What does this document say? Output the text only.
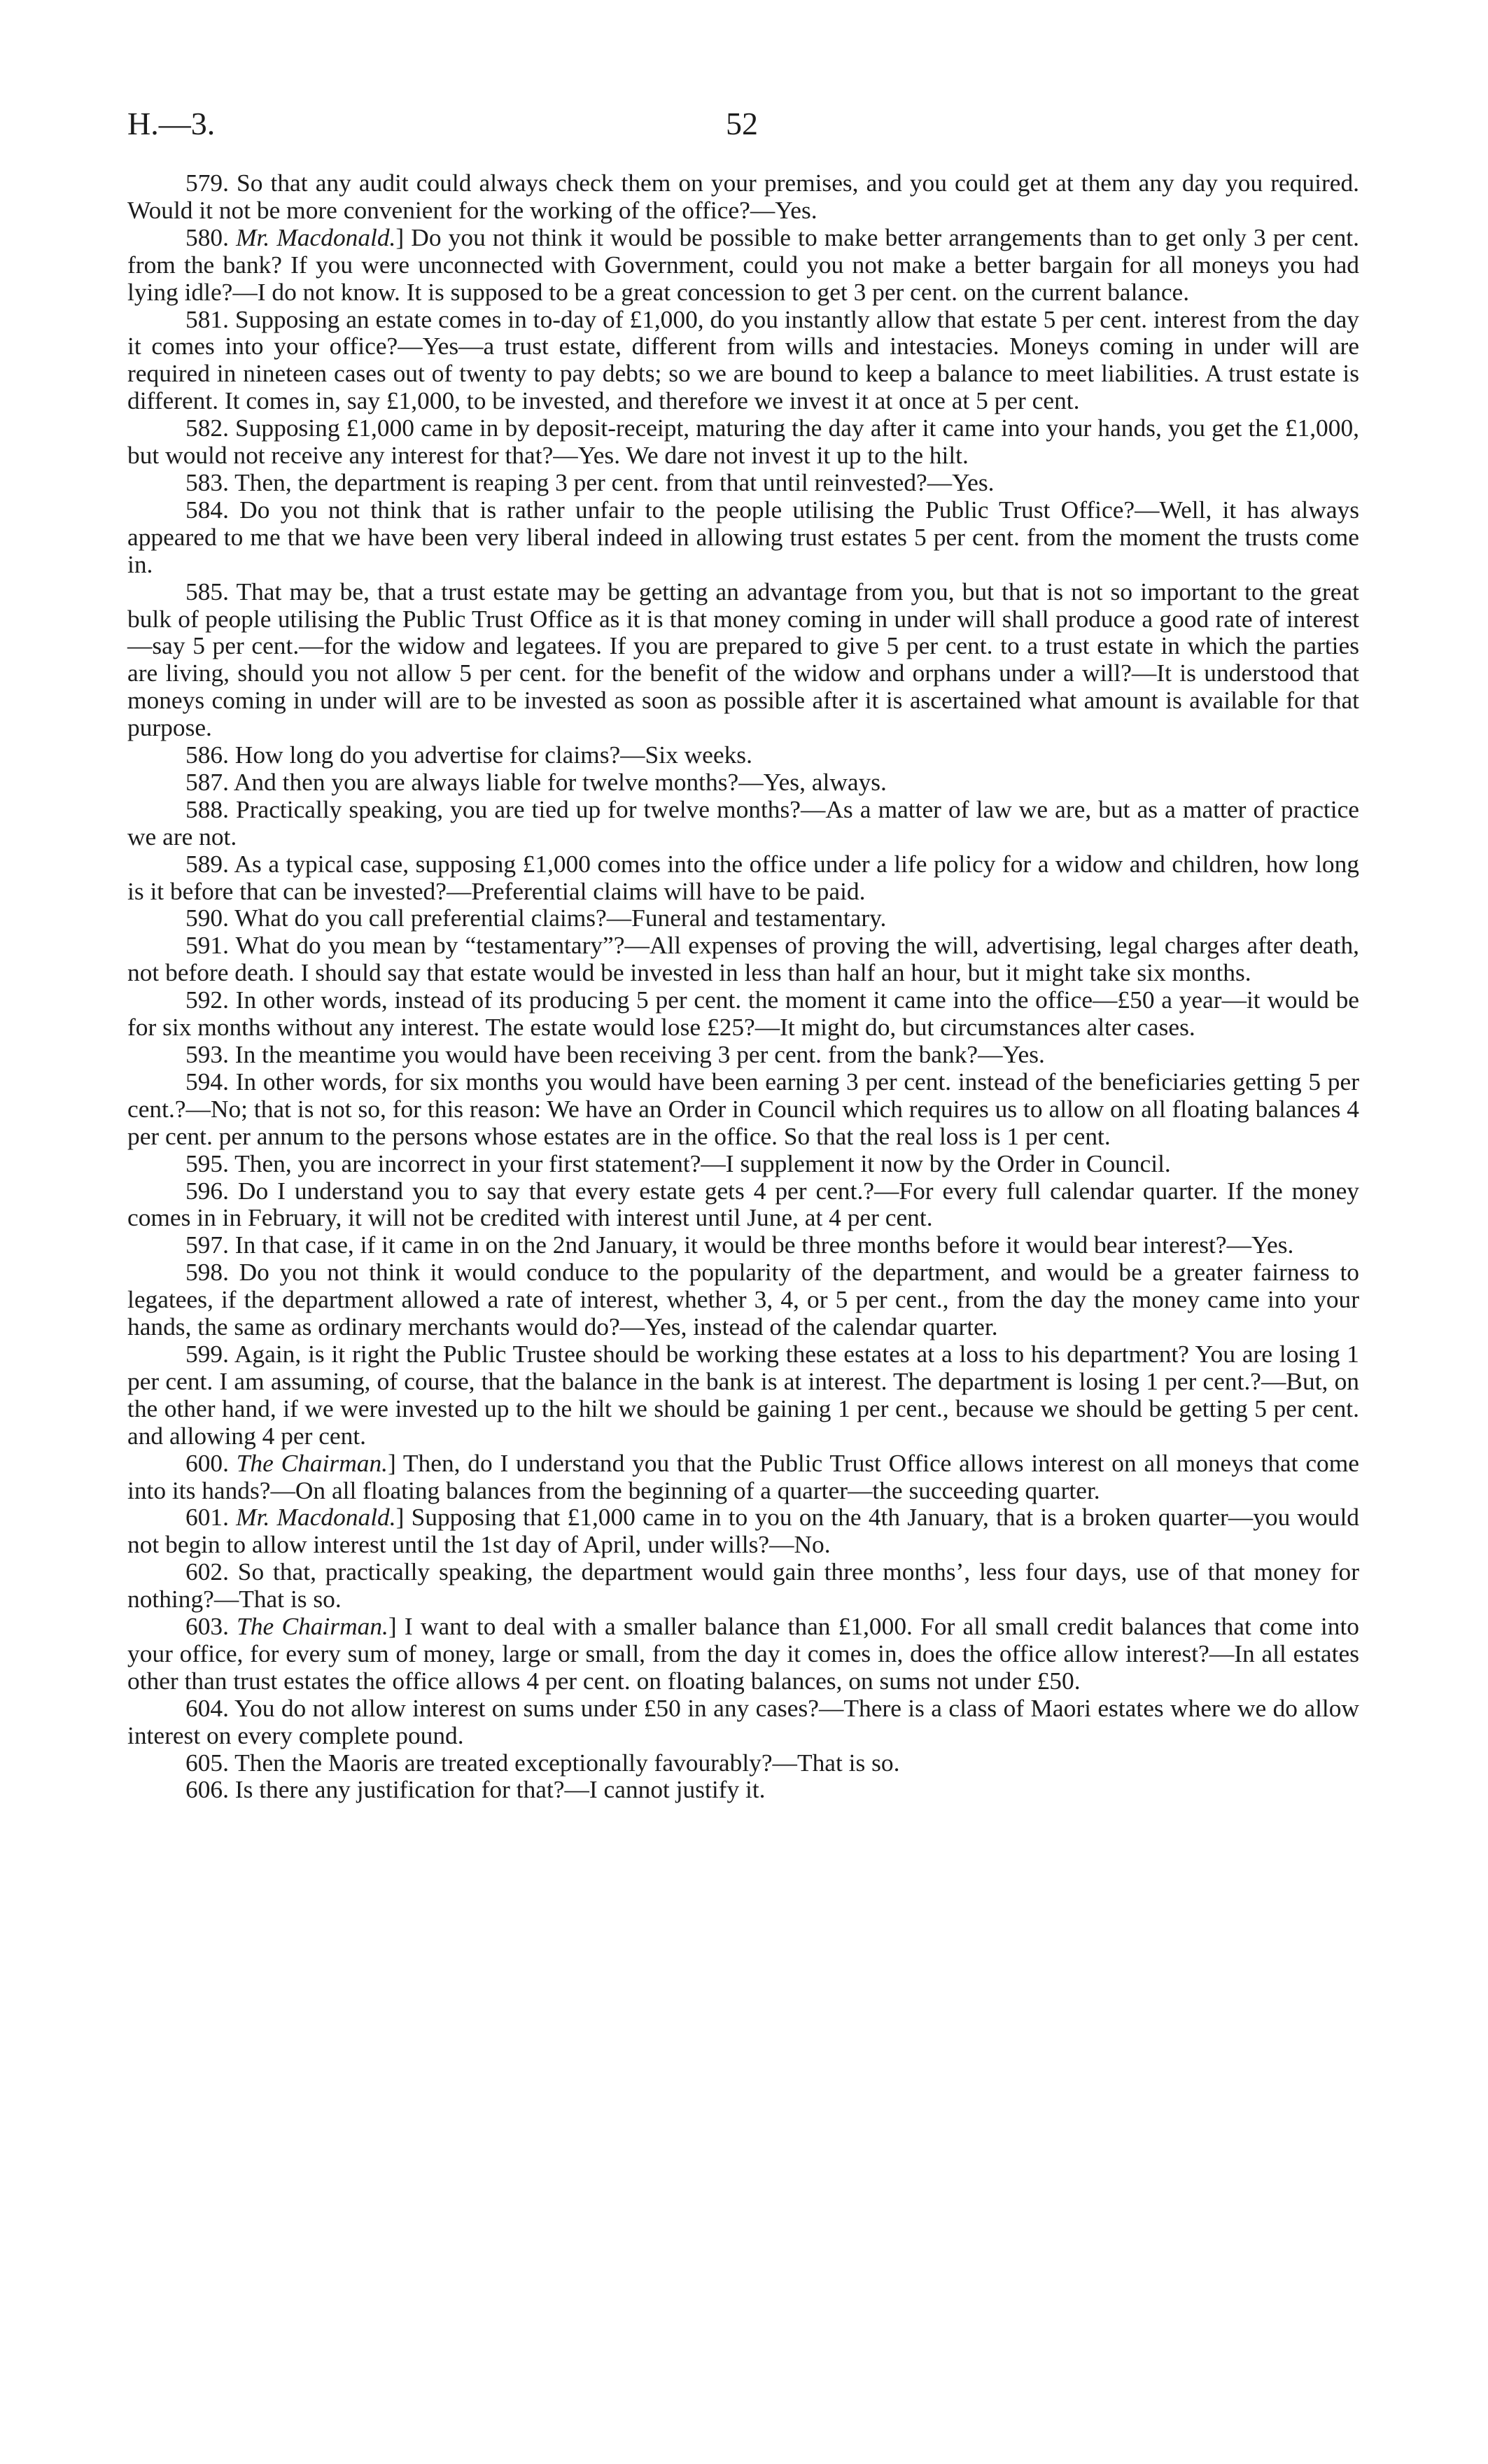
H.—3.	52

579. So that any audit could always check them on your premises, and you could get at them any day you required. Would it not be more convenient for the working of the office?—Yes.

580. Mr. Macdonald.] Do you not think it would be possible to make better arrangements than to get only 3 per cent. from the bank? If you were unconnected with Government, could you not make a better bargain for all moneys you had lying idle?—I do not know. It is supposed to be a great concession to get 3 per cent. on the current balance.

581. Supposing an estate comes in to-day of £1,000, do you instantly allow that estate 5 per cent. interest from the day it comes into your office?—Yes—a trust estate, different from wills and intestacies. Moneys coming in under will are required in nineteen cases out of twenty to pay debts; so we are bound to keep a balance to meet liabilities. A trust estate is different. It comes in, say £1,000, to be invested, and therefore we invest it at once at 5 per cent.

582. Supposing £1,000 came in by deposit-receipt, maturing the day after it came into your hands, you get the £1,000, but would not receive any interest for that?—Yes. We dare not invest it up to the hilt.

583. Then, the department is reaping 3 per cent. from that until reinvested?—Yes.

584. Do you not think that is rather unfair to the people utilising the Public Trust Office?—Well, it has always appeared to me that we have been very liberal indeed in allowing trust estates 5 per cent. from the moment the trusts come in.

585. That may be, that a trust estate may be getting an advantage from you, but that is not so important to the great bulk of people utilising the Public Trust Office as it is that money coming in under will shall produce a good rate of interest—say 5 per cent.—for the widow and legatees. If you are prepared to give 5 per cent. to a trust estate in which the parties are living, should you not allow 5 per cent. for the benefit of the widow and orphans under a will?—It is understood that moneys coming in under will are to be invested as soon as possible after it is ascertained what amount is available for that purpose.

586. How long do you advertise for claims?—Six weeks.

587. And then you are always liable for twelve months?—Yes, always.

588. Practically speaking, you are tied up for twelve months?—As a matter of law we are, but as a matter of practice we are not.

589. As a typical case, supposing £1,000 comes into the office under a life policy for a widow and children, how long is it before that can be invested?—Preferential claims will have to be paid.

590. What do you call preferential claims?—Funeral and testamentary.

591. What do you mean by “testamentary”?—All expenses of proving the will, advertising, legal charges after death, not before death. I should say that estate would be invested in less than half an hour, but it might take six months.

592. In other words, instead of its producing 5 per cent. the moment it came into the office—£50 a year—it would be for six months without any interest. The estate would lose £25?—It might do, but circumstances alter cases.

593. In the meantime you would have been receiving 3 per cent. from the bank?—Yes.

594. In other words, for six months you would have been earning 3 per cent. instead of the beneficiaries getting 5 per cent.?—No; that is not so, for this reason: We have an Order in Council which requires us to allow on all floating balances 4 per cent. per annum to the persons whose estates are in the office. So that the real loss is 1 per cent.

595. Then, you are incorrect in your first statement?—I supplement it now by the Order in Council.

596. Do I understand you to say that every estate gets 4 per cent.?—For every full calendar quarter. If the money comes in in February, it will not be credited with interest until June, at 4 per cent.

597. In that case, if it came in on the 2nd January, it would be three months before it would bear interest?—Yes.

598. Do you not think it would conduce to the popularity of the department, and would be a greater fairness to legatees, if the department allowed a rate of interest, whether 3, 4, or 5 per cent., from the day the money came into your hands, the same as ordinary merchants would do?—Yes, instead of the calendar quarter.

599. Again, is it right the Public Trustee should be working these estates at a loss to his department? You are losing 1 per cent. I am assuming, of course, that the balance in the bank is at interest. The department is losing 1 per cent.?—But, on the other hand, if we were invested up to the hilt we should be gaining 1 per cent., because we should be getting 5 per cent. and allowing 4 per cent.

600. The Chairman.] Then, do I understand you that the Public Trust Office allows interest on all moneys that come into its hands?—On all floating balances from the beginning of a quarter—the succeeding quarter.

601. Mr. Macdonald.] Supposing that £1,000 came in to you on the 4th January, that is a broken quarter—you would not begin to allow interest until the 1st day of April, under wills?—No.

602. So that, practically speaking, the department would gain three months’, less four days, use of that money for nothing?—That is so.

603. The Chairman.] I want to deal with a smaller balance than £1,000. For all small credit balances that come into your office, for every sum of money, large or small, from the day it comes in, does the office allow interest?—In all estates other than trust estates the office allows 4 per cent. on floating balances, on sums not under £50.

604. You do not allow interest on sums under £50 in any cases?—There is a class of Maori estates where we do allow interest on every complete pound.

605. Then the Maoris are treated exceptionally favourably?—That is so.

606. Is there any justification for that?—I cannot justify it.
